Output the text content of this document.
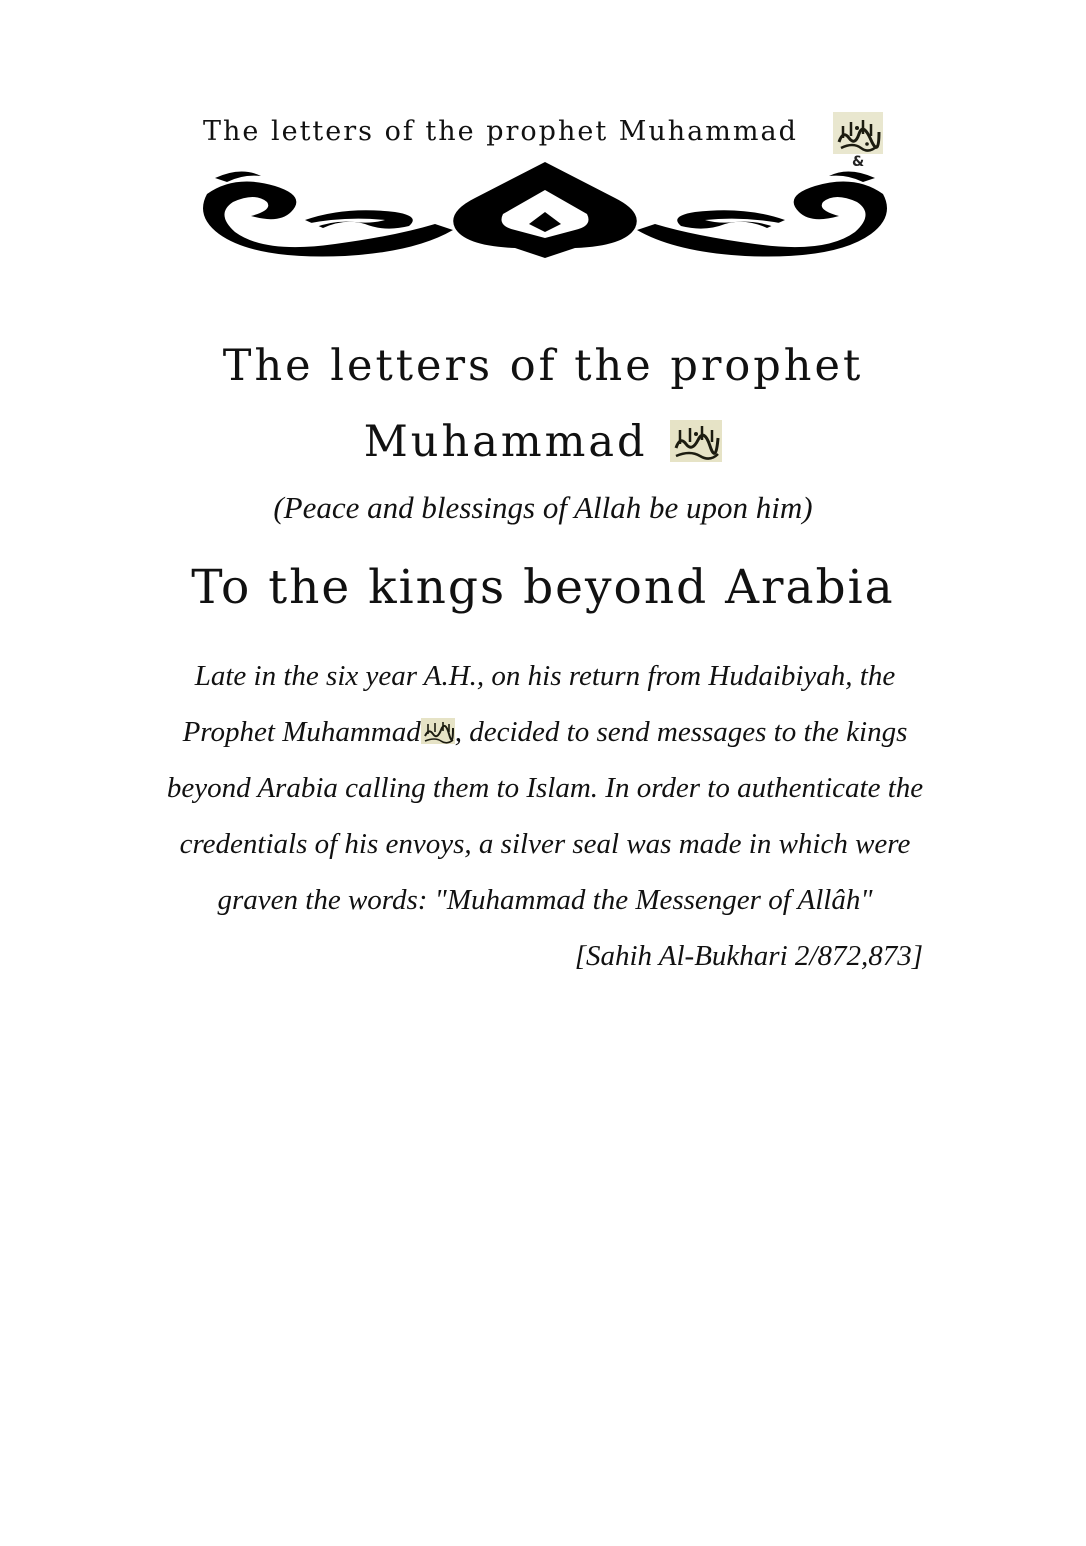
The letters of the prophet Muhammad
&
The letters of the prophet
Muhammad
(Peace and blessings of Allah be upon him)
To the kings beyond Arabia
Late in the six year A.H., on his return from Hudaibiyah, the
Prophet Muhammad , decided to send messages to the kings
beyond Arabia calling them to Islam. In order to authenticate the
credentials of his envoys, a silver seal was made in which were
graven the words: "Muhammad the Messenger of Allâh"
[Sahih Al-Bukhari 2/872,873]
